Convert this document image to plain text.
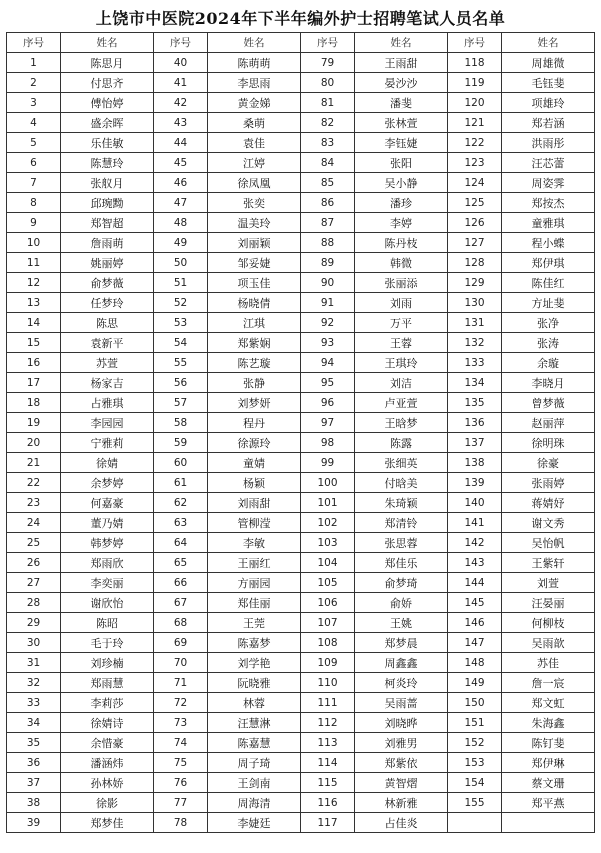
上饶市中医院2024年下半年编外护士招聘笔试人员名单
序号	姓名	序号	姓名	序号	姓名	序号	姓名
1	陈思月	40	陈萌萌	79	王雨甜	118	周雄微
2	付思齐	41	李思雨	80	晏沙沙	119	毛钰斐
3	傅怡婷	42	黄金娣	81	潘斐	120	项雄玲
4	盛余晖	43	桑萌	82	张林萱	121	郑若涵
5	乐佳敏	44	袁佳	83	李钰婕	122	洪雨彤
6	陈慧玲	45	江婷	84	张阳	123	汪芯蕾
7	张舣月	46	徐凤凰	85	吴小静	124	周姿霁
8	邱琬黝	47	张奕	86	潘珍	125	郑按杰
9	郑智超	48	温美玲	87	李婷	126	童雅琪
10	詹雨萌	49	刘丽颖	88	陈丹枝	127	程小蝶
11	姚丽婷	50	邹妥婕	89	韩微	128	郑伊琪
12	俞梦薇	51	项玉佳	90	张丽添	129	陈佳红
13	任梦玲	52	杨晓倩	91	刘雨	130	方址斐
14	陈思	53	江琪	92	万平	131	张净
15	袁新平	54	郑紫娴	93	王蓉	132	张涛
16	苏萱	55	陈艺璇	94	王琪玲	133	余璇
17	杨家吉	56	张静	95	刘洁	134	李晓月
18	占雅琪	57	刘梦妍	96	卢亚萱	135	曾梦薇
19	李园园	58	程丹	97	王晗梦	136	赵丽萍
20	宁雅莉	59	徐源玲	98	陈露	137	徐明珠
21	徐婧	60	童婧	99	张细英	138	徐豪
22	余梦婷	61	杨颖	100	付晗美	139	张雨婷
23	何嘉豪	62	刘雨甜	101	朱琦颖	140	蒋婧妤
24	董乃婧	63	管柳滢	102	郑清铃	141	谢文秀
25	韩梦婷	64	李敏	103	张思蓉	142	吴怡帆
26	郑雨欣	65	王丽红	104	郑佳乐	143	王紫轩
27	李奕丽	66	方丽园	105	俞梦琦	144	刘萱
28	谢欣怡	67	郑佳丽	106	俞娇	145	汪晏丽
29	陈昭	68	王莞	107	王姚	146	何柳枝
30	毛于玲	69	陈嘉梦	108	郑梦晨	147	吴雨歆
31	刘珍楠	70	刘学艳	109	周鑫鑫	148	苏佳
32	郑雨慧	71	阮晓雅	110	柯炎玲	149	詹一宸
33	李莉莎	72	林蓉	111	吴雨蔷	150	郑文虹
34	徐婧诗	73	汪慧淋	112	刘晓晔	151	朱海鑫
35	余惜豪	74	陈嘉慧	113	刘雅男	152	陈钉斐
36	潘涵炜	75	周子琦	114	郑紫依	153	郑伊琳
37	孙林娇	76	王剑南	115	黄智熠	154	蔡文珊
38	徐影	77	周海清	116	林新雅	155	郑平燕
39	郑梦佳	78	李婕廷	117	占佳炎		
